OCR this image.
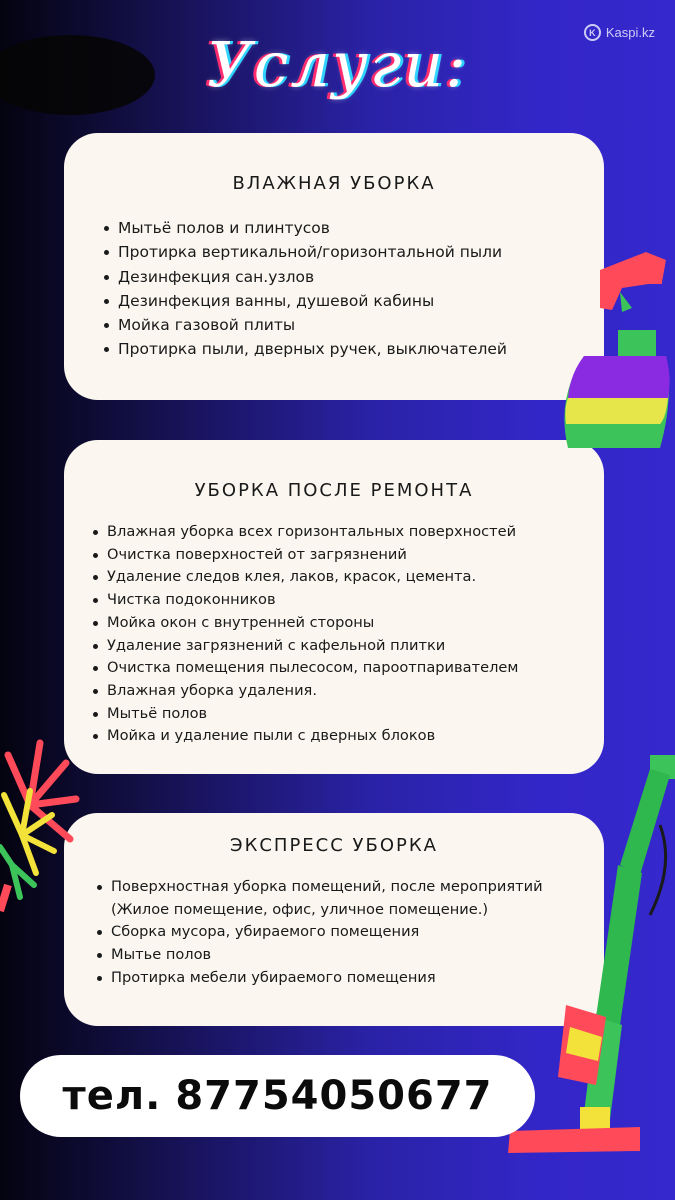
K Kaspi.kz
Услуги:
ВЛАЖНАЯ УБОРКА
Мытьё полов и плинтусов
Протирка вертикальной/горизонтальной пыли
Дезинфекция сан.узлов
Дезинфекция ванны, душевой кабины
Мойка газовой плиты
Протирка пыли, дверных ручек, выключателей
УБОРКА ПОСЛЕ РЕМОНТА
Влажная уборка всех горизонтальных поверхностей
Очистка поверхностей от загрязнений
Удаление следов клея, лаков, красок, цемента.
Чистка подоконников
Мойка окон с внутренней стороны
Удаление загрязнений с кафельной плитки
Очистка помещения пылесосом, пароотпаривателем
Влажная уборка удаления.
Мытьё полов
Мойка и удаление пыли с дверных блоков
ЭКСПРЕСС УБОРКА
Поверхностная уборка помещений, после мероприятий (Жилое помещение, офис, уличное помещение.)
Сборка мусора, убираемого помещения
Мытье полов
Протирка мебели убираемого помещения
тел. 87754050677
